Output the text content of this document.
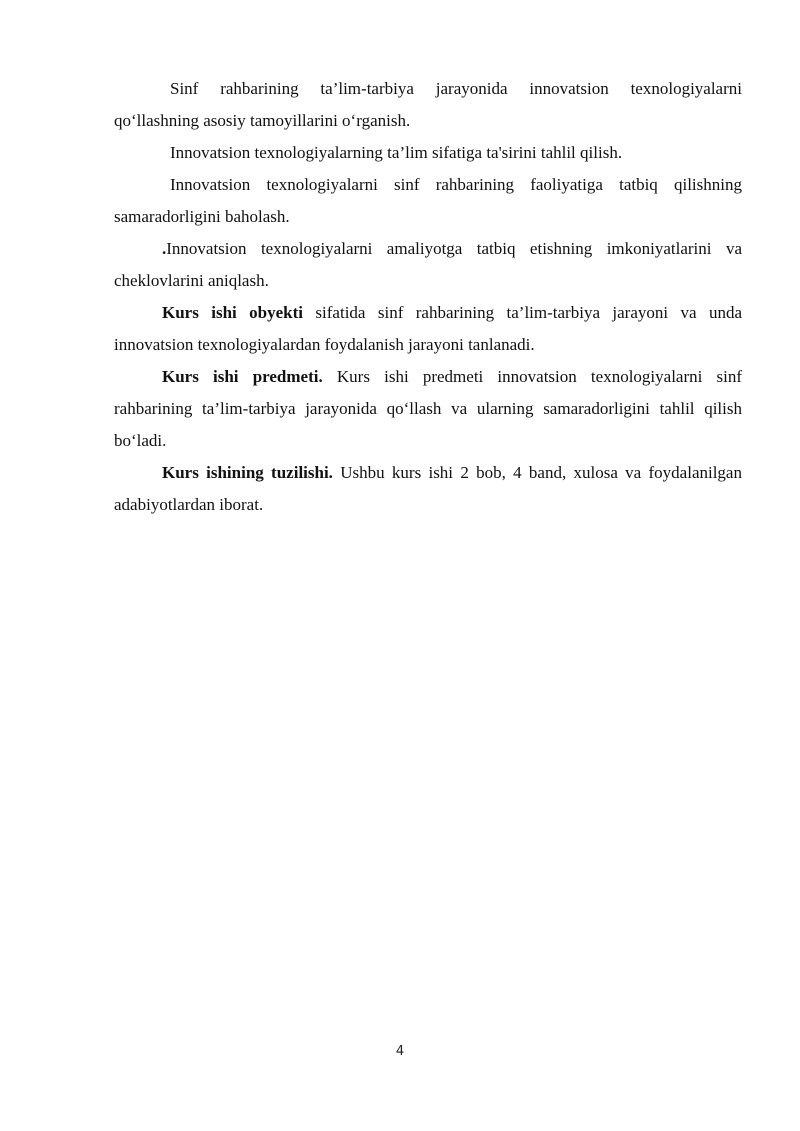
Sinf rahbarining ta’lim-tarbiya jarayonida innovatsion texnologiyalarni qo‘llashning asosiy tamoyillarini o‘rganish.

Innovatsion texnologiyalarning ta’lim sifatiga ta'sirini tahlil qilish.

Innovatsion texnologiyalarni sinf rahbarining faoliyatiga tatbiq qilishning samaradorligini baholash.

.Innovatsion texnologiyalarni amaliyotga tatbiq etishning imkoniyatlarini va cheklovlarini aniqlash.

Kurs ishi obyekti sifatida sinf rahbarining ta’lim-tarbiya jarayoni va unda innovatsion texnologiyalardan foydalanish jarayoni tanlanadi.

Kurs ishi predmeti. Kurs ishi predmeti innovatsion texnologiyalarni sinf rahbarining ta’lim-tarbiya jarayonida qo‘llash va ularning samaradorligini tahlil qilish bo‘ladi.

Kurs ishining tuzilishi. Ushbu kurs ishi 2 bob, 4 band, xulosa va foydalanilgan adabiyotlardan iborat.

4
